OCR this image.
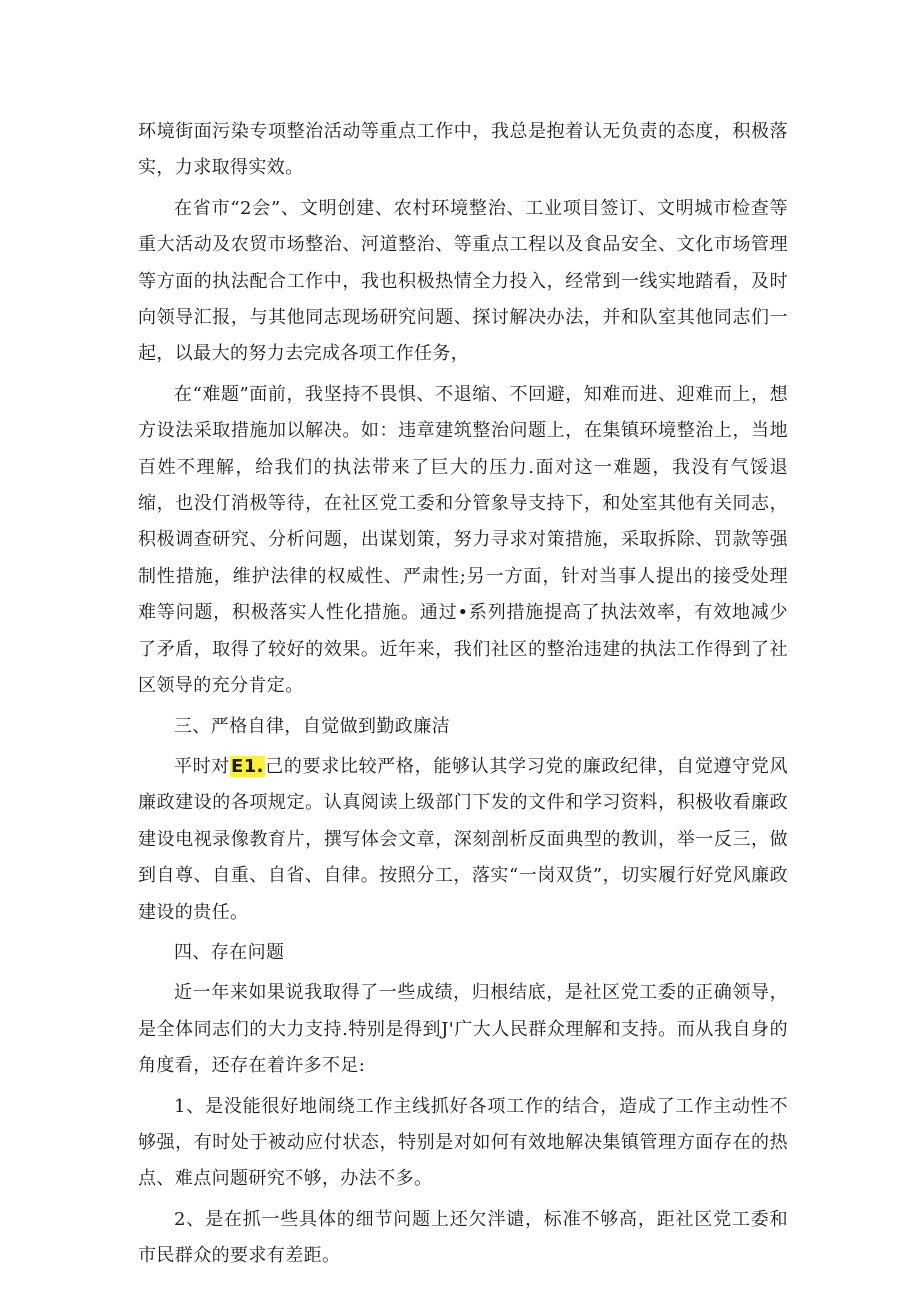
环境街面污染专项整治活动等重点工作中，我总是抱着认无负责的态度，积极落实，力求取得实效。

在省市“2会”、文明创建、农村环境整治、工业项目签订、文明城市检查等重大活动及农贸市场整治、河道整治、等重点工程以及食品安全、文化市场管理等方面的执法配合工作中，我也积极热情全力投入，经常到一线实地踏看，及时向领导汇报，与其他同志现场研究问题、探讨解决办法，并和队室其他同志们一起，以最大的努力去完成各项工作任务，

在“难题”面前，我坚持不畏惧、不退缩、不回避，知难而进、迎难而上，想方设法采取措施加以解决。如：违章建筑整治问题上，在集镇环境整治上，当地百姓不理解，给我们的执法带来了巨大的压力.面对这一难题，我没有气馁退缩，也没仃消极等待，在社区党工委和分管象导支持下，和处室其他有关同志，积极调查研究、分析问题，出谋划策，努力寻求对策措施，采取拆除、罚款等强制性措施，维护法律的权威性、严肃性;另一方面，针对当事人提出的接受处理难等问题，积极落实人性化措施。通过•系列措施提高了执法效率，有效地减少了矛盾，取得了较好的效果。近年来，我们社区的整治违建的执法工作得到了社区领导的充分肯定。

三、严格自律，自觉做到勤政廉洁

平时对E1.己的要求比较严格，能够认其学习党的廉政纪律，自觉遵守党风廉政建设的各项规定。认真阅读上级部门下发的文件和学习资料，积极收看廉政建设电视录像教育片，撰写体会文章，深刻剖析反面典型的教训，举一反三，做到自尊、自重、自省、自律。按照分工，落实“一岗双货”，切实履行好党风廉政建设的贵任。

四、存在问题

近一年来如果说我取得了一些成绩，归根结底，是社区党工委的正确领导，是全体同志们的大力支持.特别是得到J'广大人民群众理解和支持。而从我自身的角度看，还存在着许多不足:

1、是没能很好地闹绕工作主线抓好各项工作的结合，造成了工作主动性不够强，有时处于被动应付状态，特别是对如何有效地解决集镇管理方面存在的热点、难点问题研究不够，办法不多。

2、是在抓一些具体的细节问题上还欠泮谴，标准不够高，距社区党工委和市民群众的要求有差距。
